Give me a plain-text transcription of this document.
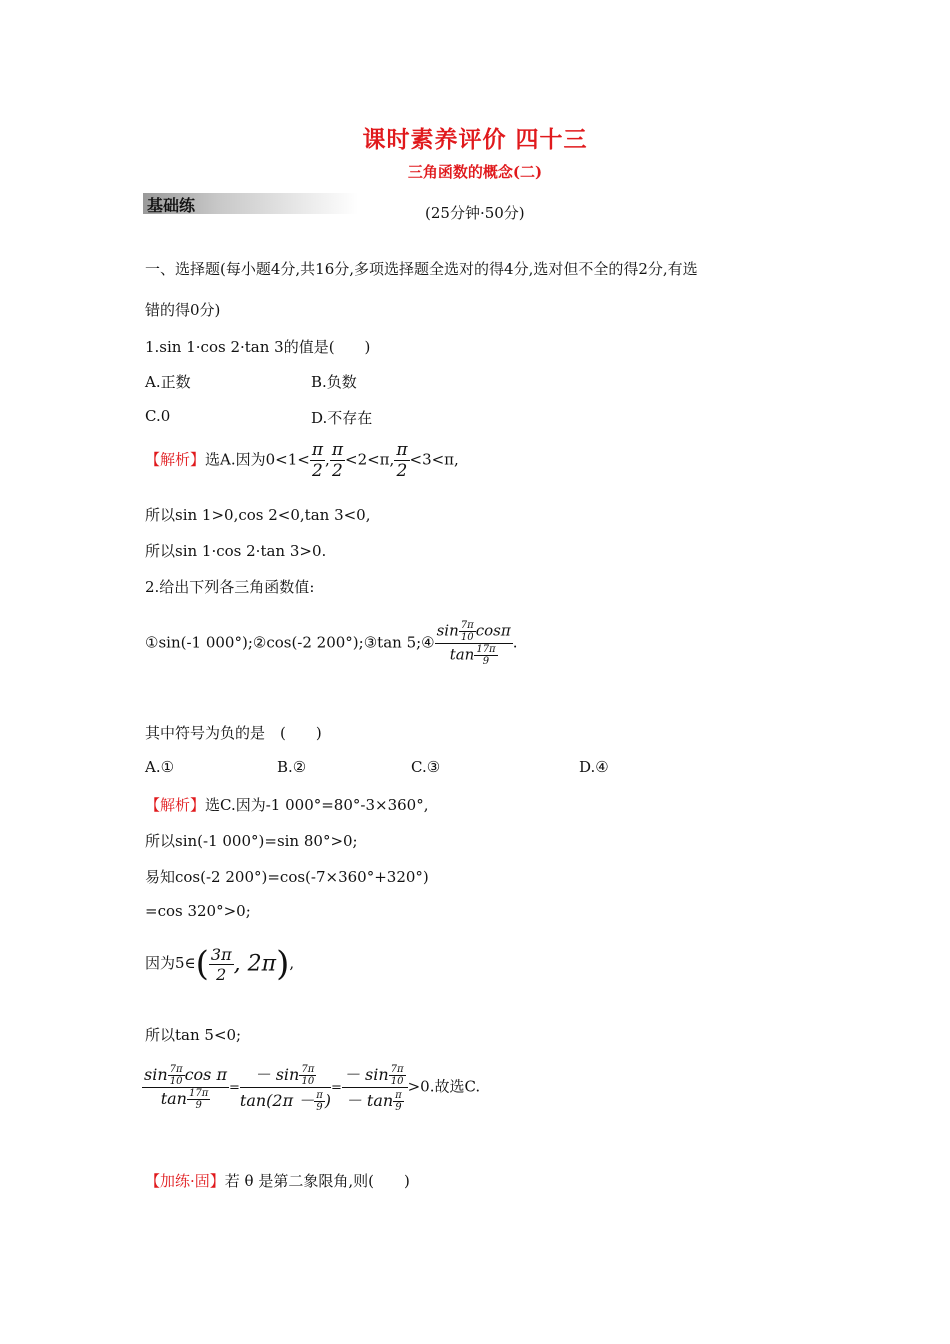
课时素养评价 四十三
三角函数的概念(二)
基础练	(25分钟·50分)
一、选择题(每小题4分,共16分,多项选择题全选对的得4分,选对但不全的得2分,有选
错的得0分)
1.sin 1·cos 2·tan 3的值是(　　)
A.正数	B.负数
C.0	D.不存在
【解析】选A.因为$0<1< \frac{\pi}{2}$ , $\frac{\pi}{2} <2<\pi$, $\frac{\pi}{2} <3<\pi$,
所以sin 1>0,cos 2<0,tan 3<0,
所以sin 1·cos 2·tan 3>0.
2.给出下列各三角函数值:
①sin(-1 000°);②cos(-2 200°);③tan 5;④ $\frac{\sin \frac{7\pi}{10} \cos\pi}{\tan \frac{17\pi}{9}}$ .
其中符号为负的是　(　　)
A.①	B.②	C.③	D.④
【解析】选C.因为-1 000°=80°-3×360°,
所以sin(-1 000°)=sin 80°>0;
易知cos(-2 200°)=cos(-7×360°+320°)
=cos 320°>0;
因为5∈( $\frac{3\pi}{2}$ , 2π),
所以tan 5<0;
$\frac{\sin \frac{7\pi}{10} \cos \pi}{\tan \frac{17\pi}{9}} = \frac{- \sin \frac{7\pi}{10}}{\tan(2\pi - \frac{\pi}{9} )} = \frac{- \sin \frac{7\pi}{10}}{- \tan \frac{\pi}{9}} >0$.故选C.
【加练·固】若 θ 是第二象限角,则(　　)
